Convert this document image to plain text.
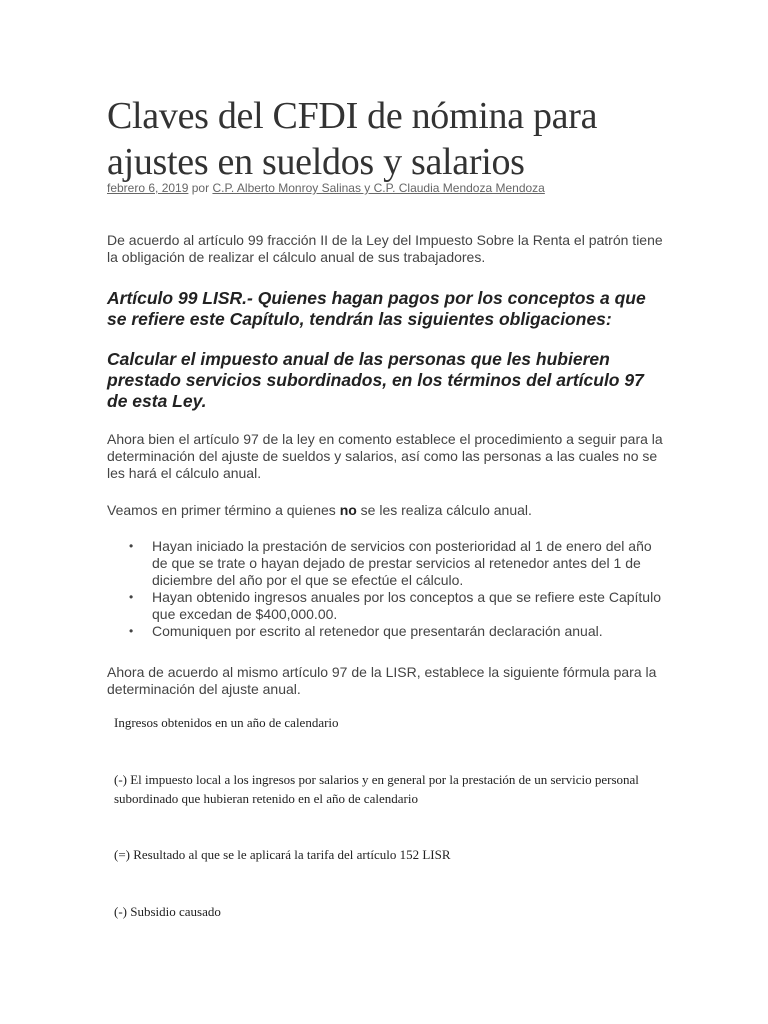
Claves del CFDI de nómina para ajustes en sueldos y salarios
febrero 6, 2019 por C.P. Alberto Monroy Salinas y C.P. Claudia Mendoza Mendoza

De acuerdo al artículo 99 fracción II de la Ley del Impuesto Sobre la Renta el patrón tiene la obligación de realizar el cálculo anual de sus trabajadores.

Artículo 99 LISR.- Quienes hagan pagos por los conceptos a que se refiere este Capítulo, tendrán las siguientes obligaciones:

Calcular el impuesto anual de las personas que les hubieren prestado servicios subordinados, en los términos del artículo 97 de esta Ley.

Ahora bien el artículo 97 de la ley en comento establece el procedimiento a seguir para la determinación del ajuste de sueldos y salarios, así como las personas a las cuales no se les hará el cálculo anual.

Veamos en primer término a quienes no se les realiza cálculo anual.

• Hayan iniciado la prestación de servicios con posterioridad al 1 de enero del año de que se trate o hayan dejado de prestar servicios al retenedor antes del 1 de diciembre del año por el que se efectúe el cálculo.
• Hayan obtenido ingresos anuales por los conceptos a que se refiere este Capítulo que excedan de $400,000.00.
• Comuniquen por escrito al retenedor que presentarán declaración anual.

Ahora de acuerdo al mismo artículo 97 de la LISR, establece la siguiente fórmula para la determinación del ajuste anual.

Ingresos obtenidos en un año de calendario

(-) El impuesto local a los ingresos por salarios y en general por la prestación de un servicio personal subordinado que hubieran retenido en el año de calendario

(=) Resultado al que se le aplicará la tarifa del artículo 152 LISR

(-) Subsidio causado
